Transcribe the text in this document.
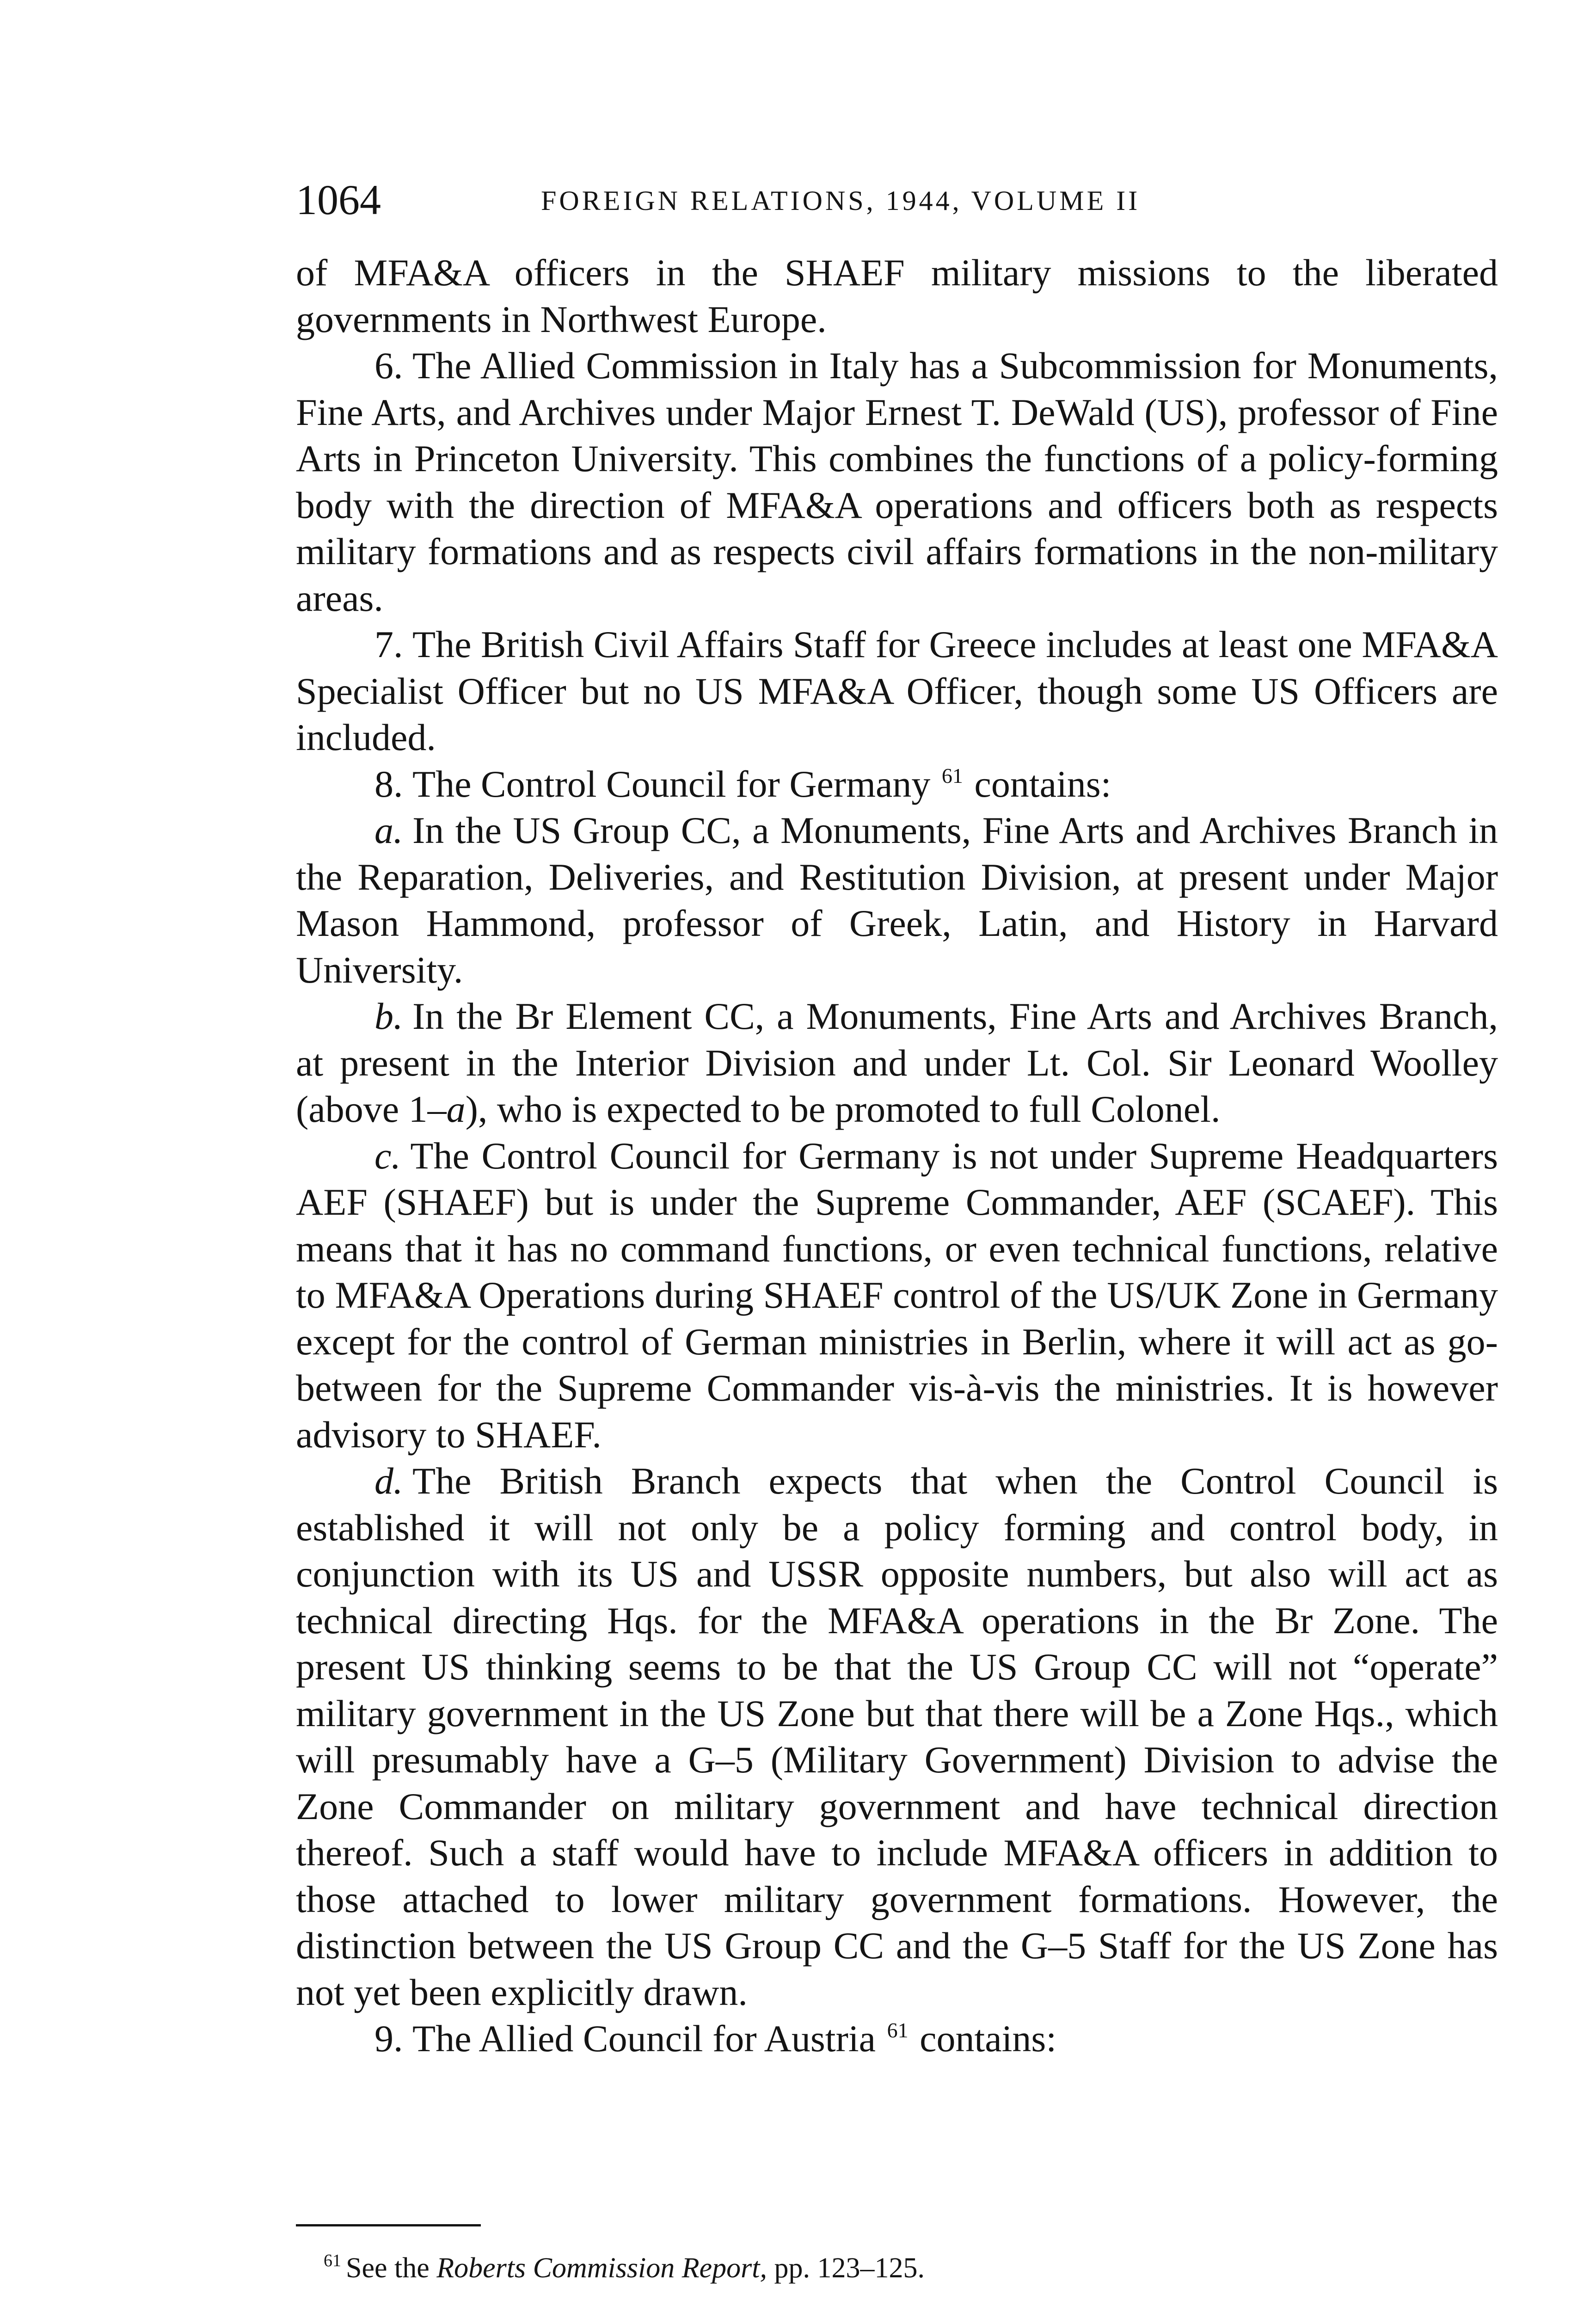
1064	FOREIGN RELATIONS, 1944, VOLUME II

of MFA&A officers in the SHAEF military missions to the liberated governments in Northwest Europe.

6. The Allied Commission in Italy has a Subcommission for Monuments, Fine Arts, and Archives under Major Ernest T. DeWald (US), professor of Fine Arts in Princeton University. This combines the functions of a policy-forming body with the direction of MFA&A operations and officers both as respects military formations and as respects civil affairs formations in the non-military areas.

7. The British Civil Affairs Staff for Greece includes at least one MFA&A Specialist Officer but no US MFA&A Officer, though some US Officers are included.

8. The Control Council for Germany $^{61}$ contains:

a. In the US Group CC, a Monuments, Fine Arts and Archives Branch in the Reparation, Deliveries, and Restitution Division, at present under Major Mason Hammond, professor of Greek, Latin, and History in Harvard University.

b. In the Br Element CC, a Monuments, Fine Arts and Archives Branch, at present in the Interior Division and under Lt. Col. Sir Leonard Woolley (above 1–a), who is expected to be promoted to full Colonel.

c. The Control Council for Germany is not under Supreme Headquarters AEF (SHAEF) but is under the Supreme Commander, AEF (SCAEF). This means that it has no command functions, or even technical functions, relative to MFA&A Operations during SHAEF control of the US/UK Zone in Germany except for the control of German ministries in Berlin, where it will act as go-between for the Supreme Commander vis-à-vis the ministries. It is however advisory to SHAEF.

d. The British Branch expects that when the Control Council is established it will not only be a policy forming and control body, in conjunction with its US and USSR opposite numbers, but also will act as technical directing Hqs. for the MFA&A operations in the Br Zone. The present US thinking seems to be that the US Group CC will not “operate” military government in the US Zone but that there will be a Zone Hqs., which will presumably have a G–5 (Military Government) Division to advise the Zone Commander on military government and have technical direction thereof. Such a staff would have to include MFA&A officers in addition to those attached to lower military government formations. However, the distinction between the US Group CC and the G–5 Staff for the US Zone has not yet been explicitly drawn.

9. The Allied Council for Austria $^{61}$ contains:

$^{61}$ See the Roberts Commission Report, pp. 123–125.
